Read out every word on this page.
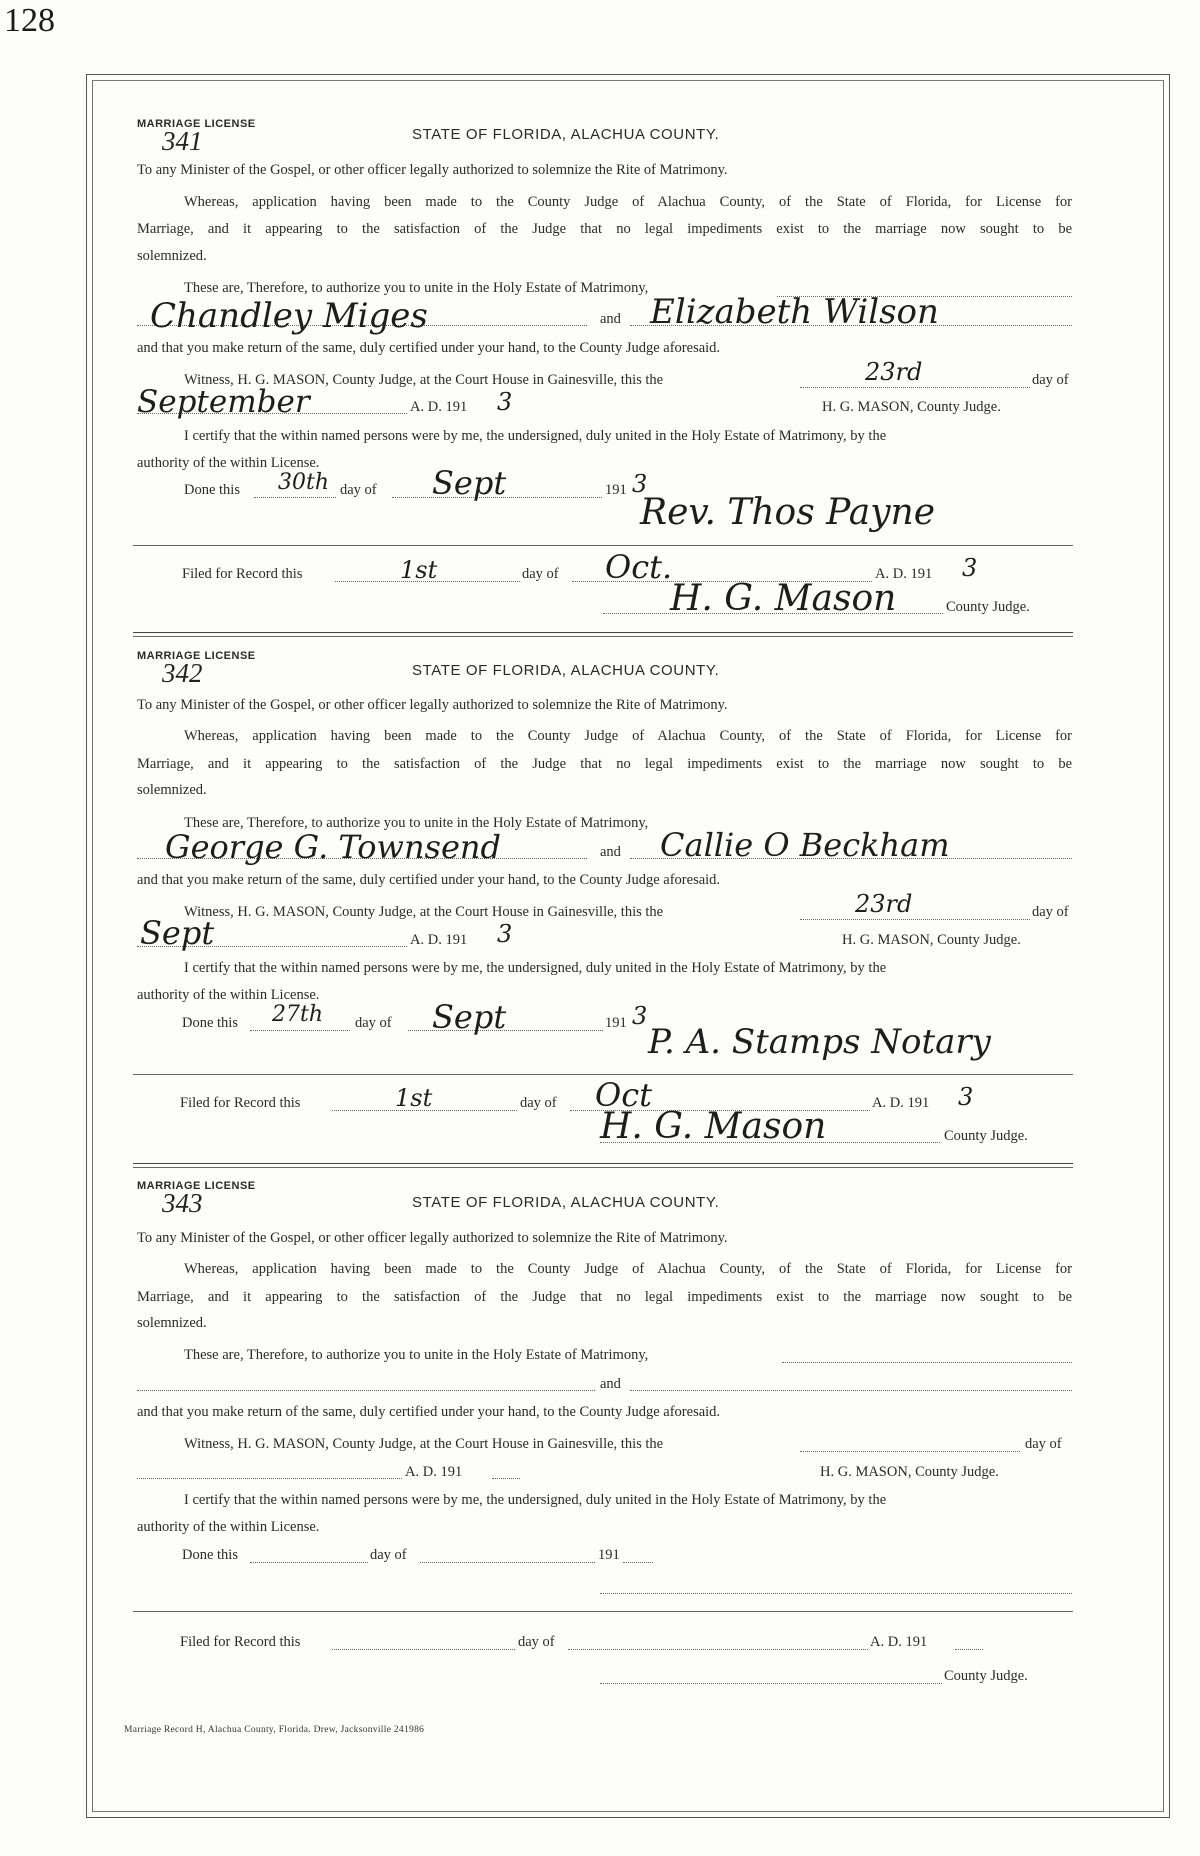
128
MARRIAGE LICENSE
341	STATE OF FLORIDA, ALACHUA COUNTY.
To any Minister of the Gospel, or other officer legally authorized to solemnize the Rite of Matrimony.
Whereas, application having been made to the County Judge of Alachua County, of the State of Florida, for License for
Marriage, and it appearing to the satisfaction of the Judge that no legal impediments exist to the marriage now sought to be
solemnized.
These are, Therefore, to authorize you to unite in the Holy Estate of Matrimony,
Chandley Miges	and Elizabeth Wilson
and that you make return of the same, duly certified under your hand, to the County Judge aforesaid.
Witness, H. G. MASON, County Judge, at the Court House in Gainesville, this the	23rd	day of
September	A. D. 191 3	H. G. MASON, County Judge.
I certify that the within named persons were by me, the undersigned, duly united in the Holy Estate of Matrimony, by the
authority of the within License.
Done this 30th day of Sept	191 3
Rev. Thos Payne
Filed for Record this	1st	day of Oct.	A. D. 191 3
H. G. Mason	County Judge.
MARRIAGE LICENSE
342	STATE OF FLORIDA, ALACHUA COUNTY.
To any Minister of the Gospel, or other officer legally authorized to solemnize the Rite of Matrimony.
Whereas, application having been made to the County Judge of Alachua County, of the State of Florida, for License for
Marriage, and it appearing to the satisfaction of the Judge that no legal impediments exist to the marriage now sought to be
solemnized.
These are, Therefore, to authorize you to unite in the Holy Estate of Matrimony,
George G. Townsend	and Callie O Beckham
and that you make return of the same, duly certified under your hand, to the County Judge aforesaid.
Witness, H. G. MASON, County Judge, at the Court House in Gainesville, this the	23rd	day of
Sept	A. D. 191 3	H. G. MASON, County Judge.
I certify that the within named persons were by me, the undersigned, duly united in the Holy Estate of Matrimony, by the
authority of the within License.
Done this 27th day of Sept	191 3
P. A. Stamps Notary
Filed for Record this	1st	day of Oct	A. D. 191 3
H. G. Mason	County Judge.
MARRIAGE LICENSE
343	STATE OF FLORIDA, ALACHUA COUNTY.
To any Minister of the Gospel, or other officer legally authorized to solemnize the Rite of Matrimony.
Whereas, application having been made to the County Judge of Alachua County, of the State of Florida, for License for
Marriage, and it appearing to the satisfaction of the Judge that no legal impediments exist to the marriage now sought to be
solemnized.
These are, Therefore, to authorize you to unite in the Holy Estate of Matrimony,
and
and that you make return of the same, duly certified under your hand, to the County Judge aforesaid.
Witness, H. G. MASON, County Judge, at the Court House in Gainesville, this the	day of
A. D. 191	H. G. MASON, County Judge.
I certify that the within named persons were by me, the undersigned, duly united in the Holy Estate of Matrimony, by the
authority of the within License.
Done this	day of	191
Filed for Record this	day of	A. D. 191
County Judge.
Marriage Record H, Alachua County, Florida. Drew, Jacksonville 241986
